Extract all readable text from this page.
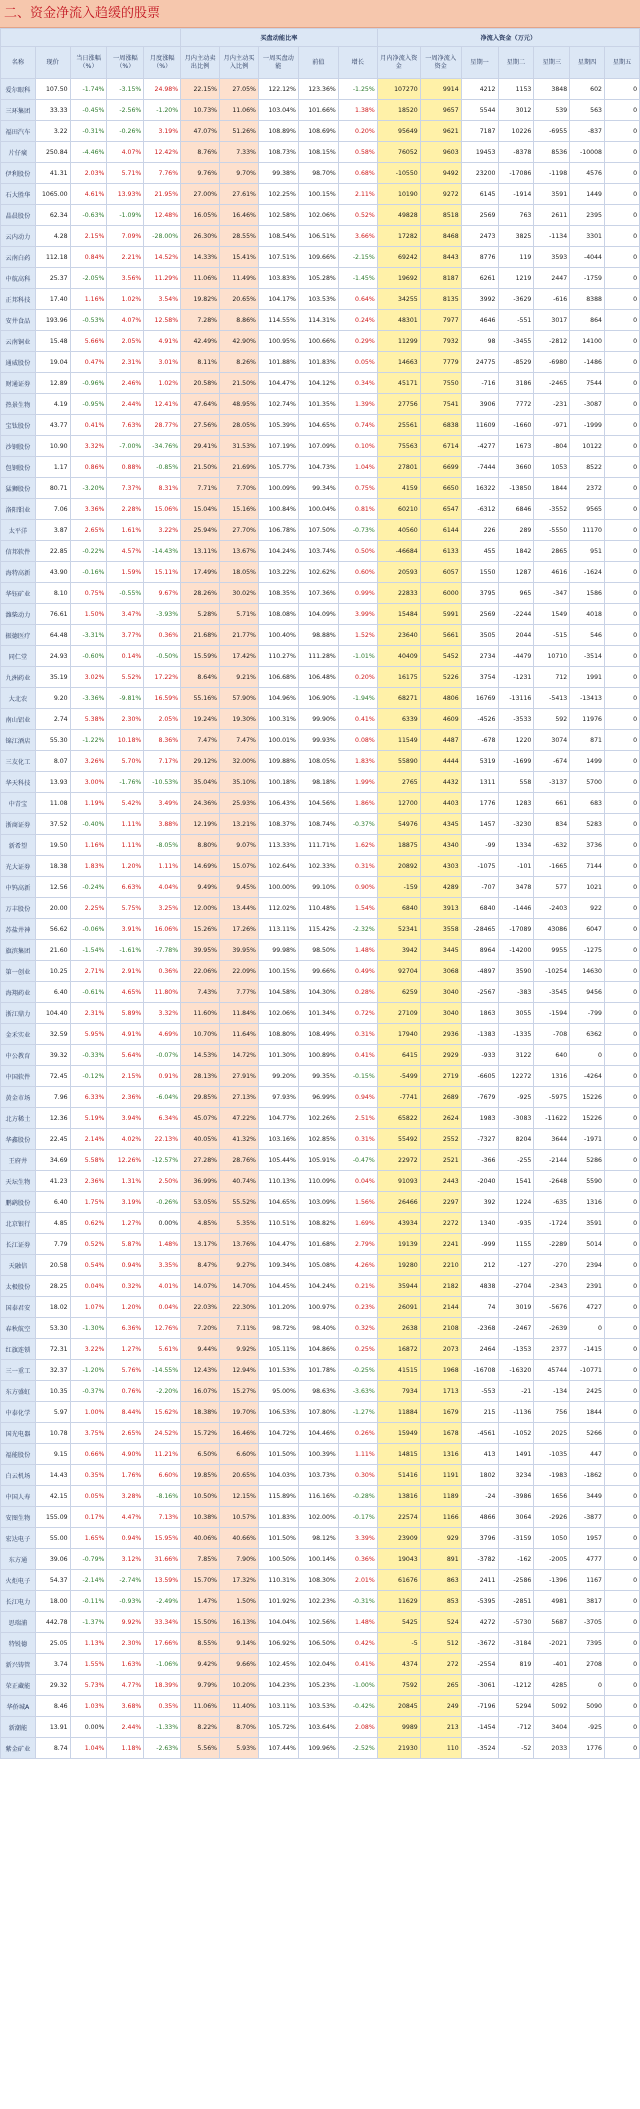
二、资金净流入趋缓的股票
					买盘动能比率					净流入资金（万元）						
名称	现价	当日涨幅（%）	一周涨幅（%）	月度涨幅（%）	月内主动卖出比例	月内主动买入比例	一周买盘动能	前值	增长	月内净流入资金	一周净流入资金	星期一	星期二	星期三	星期四	星期五
爱尔眼科	107.50	-1.74%	-3.15%	24.98%	22.15%	27.05%	122.12%	123.36%	-1.25%	107270	9914	4212	1153	3848	602	0
三环集团	33.33	-0.45%	-2.56%	-1.20%	10.73%	11.06%	103.04%	101.66%	1.38%	18520	9657	5544	3012	539	563	0
福田汽车	3.22	-0.31%	-0.26%	3.19%	47.07%	51.26%	108.89%	108.69%	0.20%	95649	9621	7187	10226	-6955	-837	0
片仔癀	250.84	-4.46%	4.07%	12.42%	8.76%	7.33%	108.73%	108.15%	0.58%	76052	9603	19453	-8378	8536	-10008	0
伊利股份	41.31	2.03%	5.71%	7.76%	9.76%	9.70%	99.38%	98.70%	0.68%	-10550	9492	23200	-17086	-1198	4576	0
石大胜华	1065.00	4.61%	13.93%	21.95%	27.00%	27.61%	102.25%	100.15%	2.11%	10190	9272	6145	-1914	3591	1449	0
晶晨股份	62.34	-0.63%	-1.09%	12.48%	16.05%	16.46%	102.58%	102.06%	0.52%	49828	8518	2569	763	2611	2395	0
云内动力	4.28	2.15%	7.09%	-28.00%	26.30%	28.55%	108.54%	106.51%	3.66%	17282	8468	2473	3825	-1134	3301	0
云南白药	112.18	0.84%	2.21%	14.52%	14.33%	15.41%	107.51%	109.66%	-2.15%	69242	8443	8776	119	3593	-4044	0
中航高科	25.37	-2.05%	3.56%	11.29%	11.06%	11.49%	103.83%	105.28%	-1.45%	19692	8187	6261	1219	2447	-1759	0
正邦科技	17.40	1.16%	1.02%	3.54%	19.82%	20.65%	104.17%	103.53%	0.64%	34255	8135	3992	-3629	-616	8388	0
安井食品	193.96	-0.53%	4.07%	12.58%	7.28%	8.86%	114.55%	114.31%	0.24%	48301	7977	4646	-551	3017	864	0
云南铜业	15.48	5.66%	2.05%	4.91%	42.49%	42.90%	100.95%	100.66%	0.29%	11299	7932	98	-3455	-2812	14100	0
通威股份	19.04	0.47%	2.31%	3.01%	8.11%	8.26%	101.88%	101.83%	0.05%	14663	7779	24775	-8529	-6980	-1486	0
财通证券	12.89	-0.96%	2.46%	1.02%	20.58%	21.50%	104.47%	104.12%	0.34%	45171	7550	-716	3186	-2465	7544	0
热景生物	4.19	-0.95%	2.44%	12.41%	47.64%	48.95%	102.74%	101.35%	1.39%	27756	7541	3906	7772	-231	-3087	0
宝钛股份	43.77	0.41%	7.63%	28.77%	27.56%	28.05%	105.39%	104.65%	0.74%	25561	6838	11609	-1660	-971	-1999	0
沙钢股份	10.90	3.32%	-7.00%	-34.76%	29.41%	31.53%	107.19%	107.09%	0.10%	75563	6714	-4277	1673	-804	10122	0
包钢股份	1.17	0.86%	0.88%	-0.85%	21.50%	21.69%	105.77%	104.73%	1.04%	27801	6699	-7444	3660	1053	8522	0
猛狮股份	80.71	-3.20%	7.37%	8.31%	7.71%	7.70%	100.09%	99.34%	0.75%	4159	6650	16322	-13850	1844	2372	0
洛阳钼业	7.06	3.36%	2.28%	15.06%	15.04%	15.16%	100.84%	100.04%	0.81%	60210	6547	-6312	6846	-3552	9565	0
太平洋	3.87	2.65%	1.61%	3.22%	25.94%	27.70%	106.78%	107.50%	-0.73%	40560	6144	226	289	-5550	11170	0
信邦软件	22.85	-0.22%	4.57%	-14.43%	13.11%	13.67%	104.24%	103.74%	0.50%	-46684	6133	455	1842	2865	951	0
海特高新	43.90	-0.16%	1.59%	15.11%	17.49%	18.05%	103.22%	102.62%	0.60%	20593	6057	1550	1287	4616	-1624	0
华钰矿业	8.10	0.75%	-0.55%	9.67%	28.26%	30.02%	108.35%	107.36%	0.99%	22833	6000	3795	965	-347	1586	0
潍柴动力	76.61	1.50%	3.47%	-3.93%	5.28%	5.71%	108.08%	104.09%	3.99%	15484	5991	2569	-2244	1549	4018	0
振德医疗	64.48	-3.31%	3.77%	0.36%	21.68%	21.77%	100.40%	98.88%	1.52%	23640	5661	3505	2044	-515	546	0
同仁堂	24.93	-0.60%	0.14%	-0.50%	15.59%	17.42%	110.27%	111.28%	-1.01%	40409	5452	2734	-4479	10710	-3514	0
九洲药业	35.19	3.02%	5.52%	17.22%	8.64%	9.21%	106.68%	106.48%	0.20%	16175	5226	3754	-1231	712	1991	0
大北农	9.20	-3.36%	-9.81%	16.59%	55.16%	57.90%	104.96%	106.90%	-1.94%	68271	4806	16769	-13116	-5413	-13413	0
南山铝业	2.74	5.38%	2.30%	2.05%	19.24%	19.30%	100.31%	99.90%	0.41%	6339	4609	-4526	-3533	592	11976	0
锦江酒店	55.30	-1.22%	10.18%	8.36%	7.47%	7.47%	100.01%	99.93%	0.08%	11549	4487	-678	1220	3074	871	0
三友化工	8.07	3.26%	5.70%	7.17%	29.12%	32.00%	109.88%	108.05%	1.83%	55890	4444	5319	-1699	-674	1499	0
华天科技	13.93	3.00%	-1.76%	-10.53%	35.04%	35.10%	100.18%	98.18%	1.99%	2765	4432	1311	558	-3137	5700	0
中青宝	11.08	1.19%	5.42%	3.49%	24.36%	25.93%	106.43%	104.56%	1.86%	12700	4403	1776	1283	661	683	0
浙商证券	37.52	-0.40%	1.11%	3.88%	12.19%	13.21%	108.37%	108.74%	-0.37%	54976	4345	1457	-3230	834	5283	0
新希望	19.50	1.16%	1.11%	-8.05%	8.80%	9.07%	113.33%	111.71%	1.62%	18875	4340	-99	1334	-632	3736	0
光大证券	18.38	1.83%	1.20%	1.11%	14.69%	15.07%	102.64%	102.33%	0.31%	20892	4303	-1075	-101	-1665	7144	0
中钨高新	12.56	-0.24%	6.63%	4.04%	9.49%	9.45%	100.00%	99.10%	0.90%	-159	4289	-707	3478	577	1021	0
万丰股份	20.00	2.25%	5.75%	3.25%	12.00%	13.44%	112.02%	110.48%	1.54%	6840	3913	6840	-1446	-2403	922	0
苏盐井神	56.62	-0.06%	3.91%	16.06%	15.26%	17.26%	113.11%	115.42%	-2.32%	52341	3558	-28465	-17089	43086	6047	0
旗滨集团	21.60	-1.54%	-1.61%	-7.78%	39.95%	39.95%	99.98%	98.50%	1.48%	3942	3445	8964	-14200	9955	-1275	0
第一创业	10.25	2.71%	2.91%	0.36%	22.06%	22.09%	100.15%	99.66%	0.49%	92704	3068	-4897	3590	-10254	14630	0
海翔药业	6.40	-0.61%	4.65%	11.80%	7.43%	7.77%	104.58%	104.30%	0.28%	6259	3040	-2567	-383	-3545	9456	0
浙江鼎力	104.40	2.31%	5.89%	3.32%	11.60%	11.84%	102.06%	101.34%	0.72%	27109	3040	1863	3055	-1594	-799	0
金禾实业	32.59	5.95%	4.91%	4.69%	10.70%	11.64%	108.80%	108.49%	0.31%	17940	2936	-1383	-1335	-708	6362	0
中公教育	39.32	-0.33%	5.64%	-0.07%	14.53%	14.72%	101.30%	100.89%	0.41%	6415	2929	-933	3122	640	0	0
中国软件	72.45	-0.12%	2.15%	0.91%	28.13%	27.91%	99.20%	99.35%	-0.15%	-5499	2719	-6605	12272	1316	-4264	0
黄金市场	7.96	6.33%	2.36%	-6.04%	29.85%	27.13%	97.93%	96.99%	0.94%	-7741	2689	-7679	-925	-5975	15226	0
北方稀土	12.36	5.19%	3.94%	6.34%	45.07%	47.22%	104.77%	102.26%	2.51%	65822	2624	1983	-3083	-11622	15226	0
华鑫股份	22.45	2.14%	4.02%	22.13%	40.05%	41.32%	103.16%	102.85%	0.31%	55492	2552	-7327	8204	3644	-1971	0
王府井	34.69	5.58%	12.26%	-12.57%	27.28%	28.76%	105.44%	105.91%	-0.47%	22972	2521	-366	-255	-2144	5286	0
天坛生物	41.23	2.36%	1.31%	2.50%	36.99%	40.74%	110.13%	110.09%	0.04%	91093	2443	-2040	1541	-2648	5590	0
鹏鹞股份	6.40	1.75%	3.19%	-0.26%	53.05%	55.52%	104.65%	103.09%	1.56%	26466	2297	392	1224	-635	1316	0
北京银行	4.85	0.62%	1.27%	0.00%	4.85%	5.35%	110.51%	108.82%	1.69%	43934	2272	1340	-935	-1724	3591	0
长江证券	7.79	0.52%	5.87%	1.48%	13.17%	13.76%	104.47%	101.68%	2.79%	19139	2241	-999	1155	-2289	5014	0
天融信	20.58	0.54%	0.94%	3.35%	8.47%	9.27%	109.34%	105.08%	4.26%	19280	2210	212	-127	-270	2394	0
太极股份	28.25	0.04%	0.32%	4.01%	14.07%	14.70%	104.45%	104.24%	0.21%	35944	2182	4838	-2704	-2343	2391	0
国泰君安	18.02	1.07%	1.20%	0.04%	22.03%	22.30%	101.20%	100.97%	0.23%	26091	2144	74	3019	-5676	4727	0
春秋航空	53.30	-1.30%	6.36%	12.76%	7.20%	7.11%	98.72%	98.40%	0.32%	2638	2108	-2368	-2467	-2639	0	0
红旗连锁	72.31	3.22%	1.27%	5.61%	9.44%	9.92%	105.11%	104.86%	0.25%	16872	2073	2464	-1353	2377	-1415	0
三一重工	32.37	-1.20%	5.76%	-14.55%	12.43%	12.94%	101.53%	101.78%	-0.25%	41515	1968	-16708	-16320	45744	-10771	0
东方盛虹	10.35	-0.37%	0.76%	-2.20%	16.07%	15.27%	95.00%	98.63%	-3.63%	7934	1713	-553	-21	-134	2425	0
中泰化学	5.97	1.00%	8.44%	15.62%	18.38%	19.70%	106.53%	107.80%	-1.27%	11884	1679	215	-1136	756	1844	0
国光电器	10.78	3.75%	2.65%	24.52%	15.72%	16.46%	104.72%	104.46%	0.26%	15949	1678	-4561	-1052	2025	5266	0
福能股份	9.15	0.66%	4.90%	11.21%	6.50%	6.60%	101.50%	100.39%	1.11%	14815	1316	413	1491	-1035	447	0
白云机场	14.43	0.35%	1.76%	6.60%	19.85%	20.65%	104.03%	103.73%	0.30%	51416	1191	1802	3234	-1983	-1862	0
中国人寿	42.15	0.05%	3.28%	-8.16%	10.50%	12.15%	115.89%	116.16%	-0.28%	13816	1189	-24	-3986	1656	3449	0
安图生物	155.09	0.17%	4.47%	7.13%	10.38%	10.57%	101.83%	102.00%	-0.17%	22574	1166	4866	3064	-2926	-3877	0
宏达电子	55.00	1.65%	0.94%	15.95%	40.06%	40.66%	101.50%	98.12%	3.39%	23909	929	3796	-3159	1050	1957	0
东方通	39.06	-0.79%	3.12%	31.66%	7.85%	7.90%	100.50%	100.14%	0.36%	19043	891	-3782	-162	-2005	4777	0
火炬电子	54.37	-2.14%	-2.74%	13.59%	15.70%	17.32%	110.31%	108.30%	2.01%	61676	863	2411	-2586	-1396	1167	0
长江电力	18.00	-0.11%	-0.93%	-2.49%	1.47%	1.50%	101.92%	102.23%	-0.31%	11629	853	-5395	-2851	4981	3817	0
思瑞浦	442.78	-1.37%	9.92%	33.34%	15.50%	16.13%	104.04%	102.56%	1.48%	5425	524	4272	-5730	5687	-3705	0
特锐德	25.05	1.13%	2.30%	17.66%	8.55%	9.14%	106.92%	106.50%	0.42%	-5	512	-3672	-3184	-2021	7395	0
新兴铸管	3.74	1.55%	1.63%	-1.06%	9.42%	9.66%	102.45%	102.04%	0.41%	4374	272	-2554	819	-401	2708	0
荣正藏能	29.32	5.73%	4.77%	18.39%	9.79%	10.20%	104.23%	105.23%	-1.00%	7592	265	-3061	-1212	4285	0	0
华侨城A	8.46	1.03%	3.68%	0.35%	11.06%	11.40%	103.11%	103.53%	-0.42%	20845	249	-7196	5294	5092	5090	0
新潮能	13.91	0.00%	2.44%	-1.33%	8.22%	8.70%	105.72%	103.64%	2.08%	9989	213	-1454	-712	3404	-925	0
紫金矿业	8.74	1.04%	1.18%	-2.63%	5.56%	5.93%	107.44%	109.96%	-2.52%	21930	110	-3524	-52	2033	1776	0
